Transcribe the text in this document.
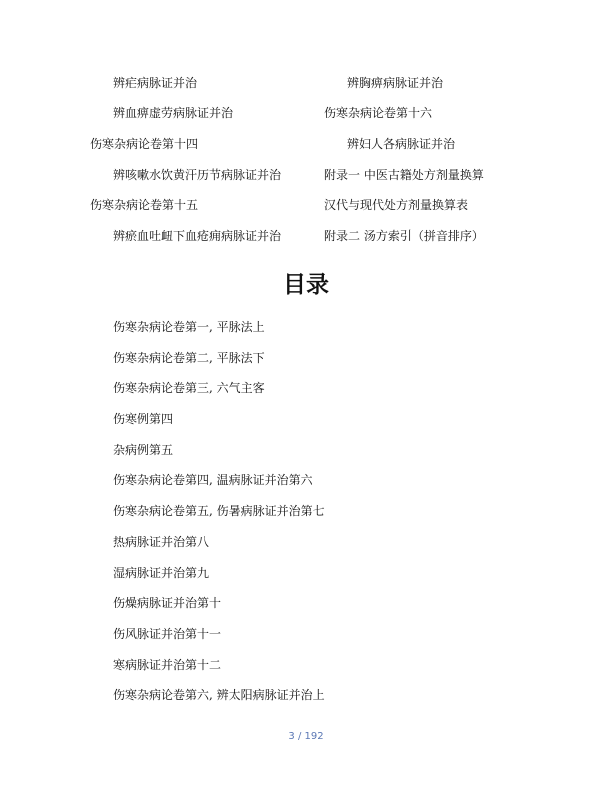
辨疟病脉证并治
辨血痹虚劳病脉证并治
伤寒杂病论卷第十四
辨咳嗽水饮黄汗历节病脉证并治
伤寒杂病论卷第十五
辨瘀血吐衄下血疮痈病脉证并治
辨胸痹病脉证并治
伤寒杂病论卷第十六
辨妇人各病脉证并治
附录一 中医古籍处方剂量换算
汉代与现代处方剂量换算表
附录二 汤方索引（拼音排序）
目录
伤寒杂病论卷第一, 平脉法上
伤寒杂病论卷第二, 平脉法下
伤寒杂病论卷第三, 六气主客
伤寒例第四
杂病例第五
伤寒杂病论卷第四, 温病脉证并治第六
伤寒杂病论卷第五, 伤暑病脉证并治第七
热病脉证并治第八
湿病脉证并治第九
伤燥病脉证并治第十
伤风脉证并治第十一
寒病脉证并治第十二
伤寒杂病论卷第六, 辨太阳病脉证并治上
3 / 192
